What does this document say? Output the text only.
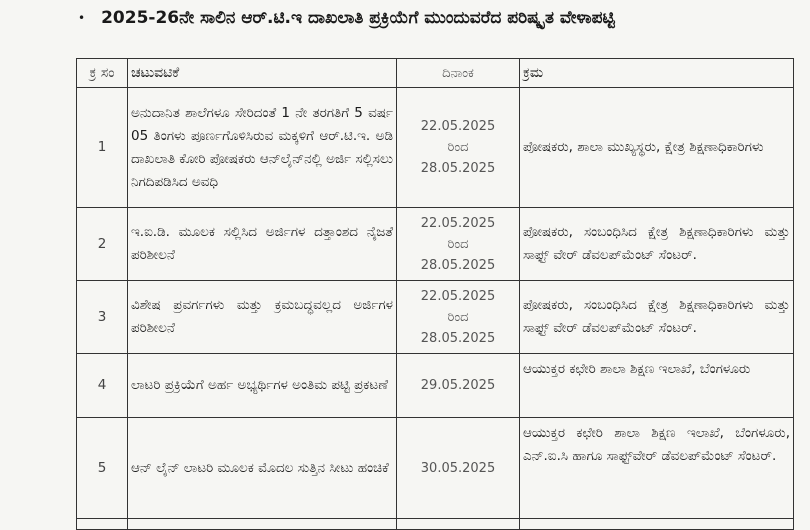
• 2025-26ನೇ ಸಾಲಿನ ಆರ್.ಟಿ.ಇ ದಾಖಲಾತಿ ಪ್ರಕ್ರಿಯೆಗೆ ಮುಂದುವರೆದ ಪರಿಷ್ಕೃತ ವೇಳಾಪಟ್ಟಿ
ಕ್ರ ಸಂ	ಚಟುವಟಿಕೆ	ದಿನಾಂಕ	ಕ್ರಮ
1	ಅನುದಾನಿತ ಶಾಲೆಗಳೂ ಸೇರಿದಂತೆ 1 ನೇ ತರಗತಿಗೆ 5 ವರ್ಷ 05 ತಿಂಗಳು ಪೂರ್ಣಗೊಳಿಸಿರುವ ಮಕ್ಕಳಿಗೆ ಆರ್.ಟಿ.ಇ. ಅಡಿ ದಾಖಲಾತಿ ಕೋರಿ ಪೋಷಕರು ಆನ್‌ಲೈನ್‌ನಲ್ಲಿ ಅರ್ಜಿ ಸಲ್ಲಿಸಲು ನಿಗದಿಪಡಿಸಿದ ಅವಧಿ	22.05.2025
ರಿಂದ
28.05.2025	ಪೋಷಕರು, ಶಾಲಾ ಮುಖ್ಯಸ್ಥರು, ಕ್ಷೇತ್ರ ಶಿಕ್ಷಣಾಧಿಕಾರಿಗಳು
2	ಇ.ಐ.ಡಿ. ಮೂಲಕ ಸಲ್ಲಿಸಿದ ಅರ್ಜಿಗಳ ದತ್ತಾಂಶದ ನೈಜತೆ ಪರಿಶೀಲನೆ	22.05.2025
ರಿಂದ
28.05.2025	ಪೋಷಕರು, ಸಂಬಂಧಿಸಿದ ಕ್ಷೇತ್ರ ಶಿಕ್ಷಣಾಧಿಕಾರಿಗಳು ಮತ್ತು ಸಾಫ್ಟ್ ವೇರ್ ಡೆವಲಪ್‌ಮೆಂಟ್ ಸೆಂಟರ್.
3	ವಿಶೇಷ ಪ್ರವರ್ಗಗಳು ಮತ್ತು ಕ್ರಮಬದ್ಧವಲ್ಲದ ಅರ್ಜಿಗಳ ಪರಿಶೀಲನೆ	22.05.2025
ರಿಂದ
28.05.2025	ಪೋಷಕರು, ಸಂಬಂಧಿಸಿದ ಕ್ಷೇತ್ರ ಶಿಕ್ಷಣಾಧಿಕಾರಿಗಳು ಮತ್ತು ಸಾಫ್ಟ್ ವೇರ್ ಡೆವಲಪ್‌ಮೆಂಟ್ ಸೆಂಟರ್.
4	ಲಾಟರಿ ಪ್ರಕ್ರಿಯೆಗೆ ಅರ್ಹ ಅಭ್ಯರ್ಥಿಗಳ ಅಂತಿಮ ಪಟ್ಟಿ ಪ್ರಕಟಣೆ	29.05.2025	ಆಯುಕ್ತರ ಕಛೇರಿ ಶಾಲಾ ಶಿಕ್ಷಣ ಇಲಾಖೆ, ಬೆಂಗಳೂರು
5	ಆನ್ ಲೈನ್ ಲಾಟರಿ ಮೂಲಕ ಮೊದಲ ಸುತ್ತಿನ ಸೀಟು ಹಂಚಿಕೆ	30.05.2025	ಆಯುಕ್ತರ ಕಛೇರಿ ಶಾಲಾ ಶಿಕ್ಷಣ ಇಲಾಖೆ, ಬೆಂಗಳೂರು, ಎನ್.ಐ.ಸಿ ಹಾಗೂ ಸಾಫ್ಟ್‌ವೇರ್ ಡೆವಲಪ್‌ಮೆಂಟ್ ಸೆಂಟರ್.
